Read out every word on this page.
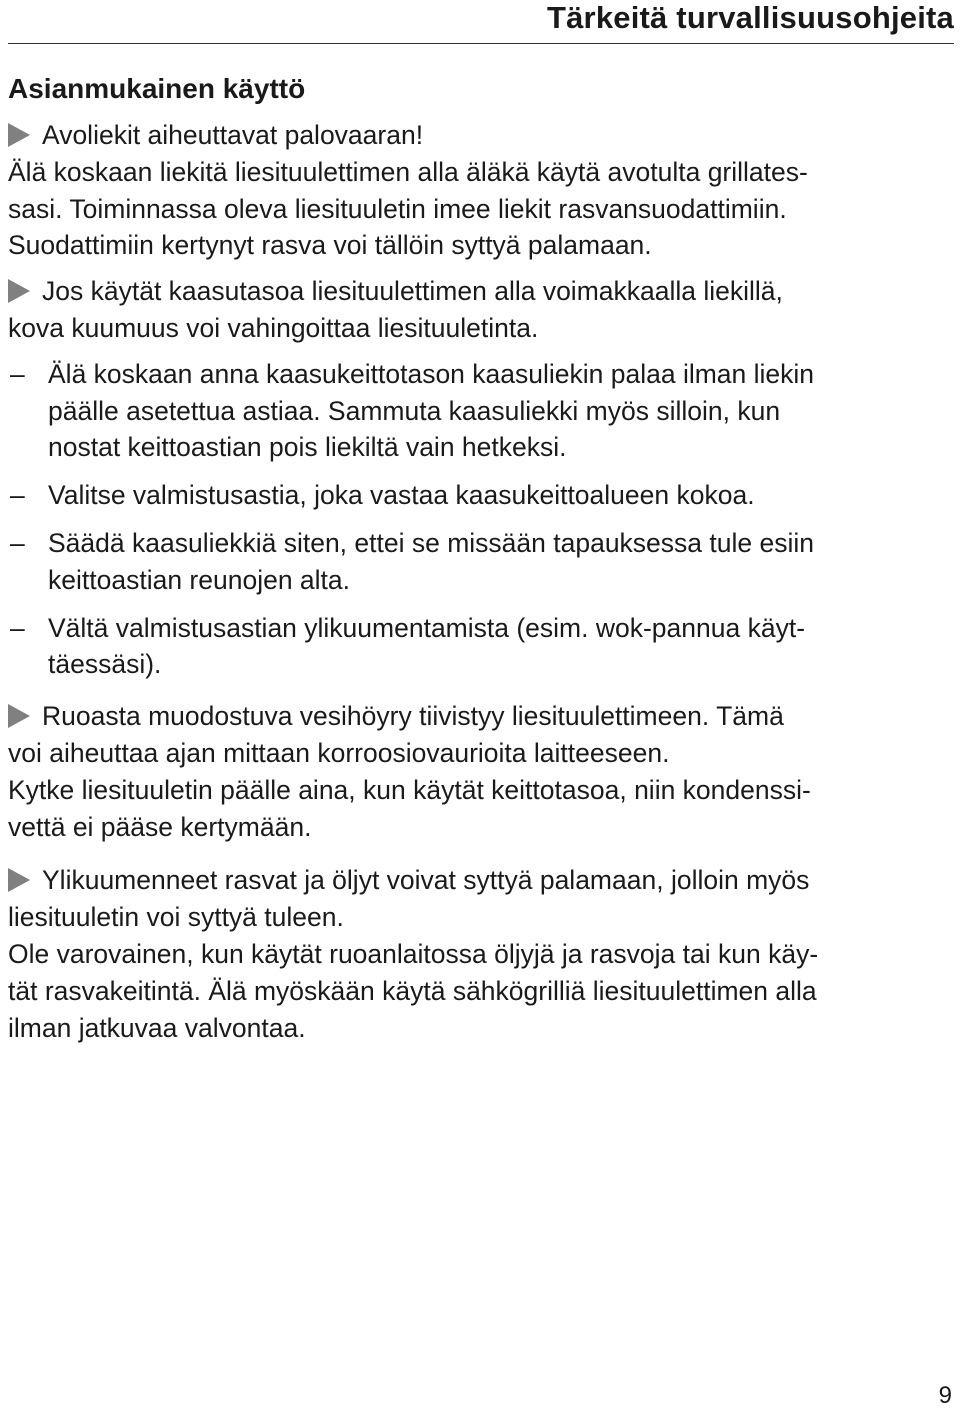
Tärkeitä turvallisuusohjeita
Asianmukainen käyttö

Avoliekit aiheuttavat palovaaran!

Älä koskaan liekitä liesituulettimen alla äläkä käytä avotulta grillates-
sasi. Toiminnassa oleva liesituuletin imee liekit rasvansuodattimiin.
Suodattimiin kertynyt rasva voi tällöin syttyä palamaan.

Jos käytät kaasutasoa liesituulettimen alla voimakkaalla liekillä,
kova kuumuus voi vahingoittaa liesituuletinta.

– Älä koskaan anna kaasukeittotason kaasuliekin palaa ilman liekin
päälle asetettua astiaa. Sammuta kaasuliekki myös silloin, kun
nostat keittoastian pois liekiltä vain hetkeksi.
– Valitse valmistusastia, joka vastaa kaasukeittoalueen kokoa.
– Säädä kaasuliekkiä siten, ettei se missään tapauksessa tule esiin
keittoastian reunojen alta.
– Vältä valmistusastian ylikuumentamista (esim. wok-pannua käyt-
täessäsi).

Ruoasta muodostuva vesihöyry tiivistyy liesituulettimeen. Tämä
voi aiheuttaa ajan mittaan korroosiovaurioita laitteeseen.

Kytke liesituuletin päälle aina, kun käytät keittotasoa, niin kondenssi-
vettä ei pääse kertymään.

Ylikuumenneet rasvat ja öljyt voivat syttyä palamaan, jolloin myös
liesituuletin voi syttyä tuleen.

Ole varovainen, kun käytät ruoanlaitossa öljyjä ja rasvoja tai kun käy-
tät rasvakeitintä. Älä myöskään käytä sähkögrilliä liesituulettimen alla
ilman jatkuvaa valvontaa.

9
